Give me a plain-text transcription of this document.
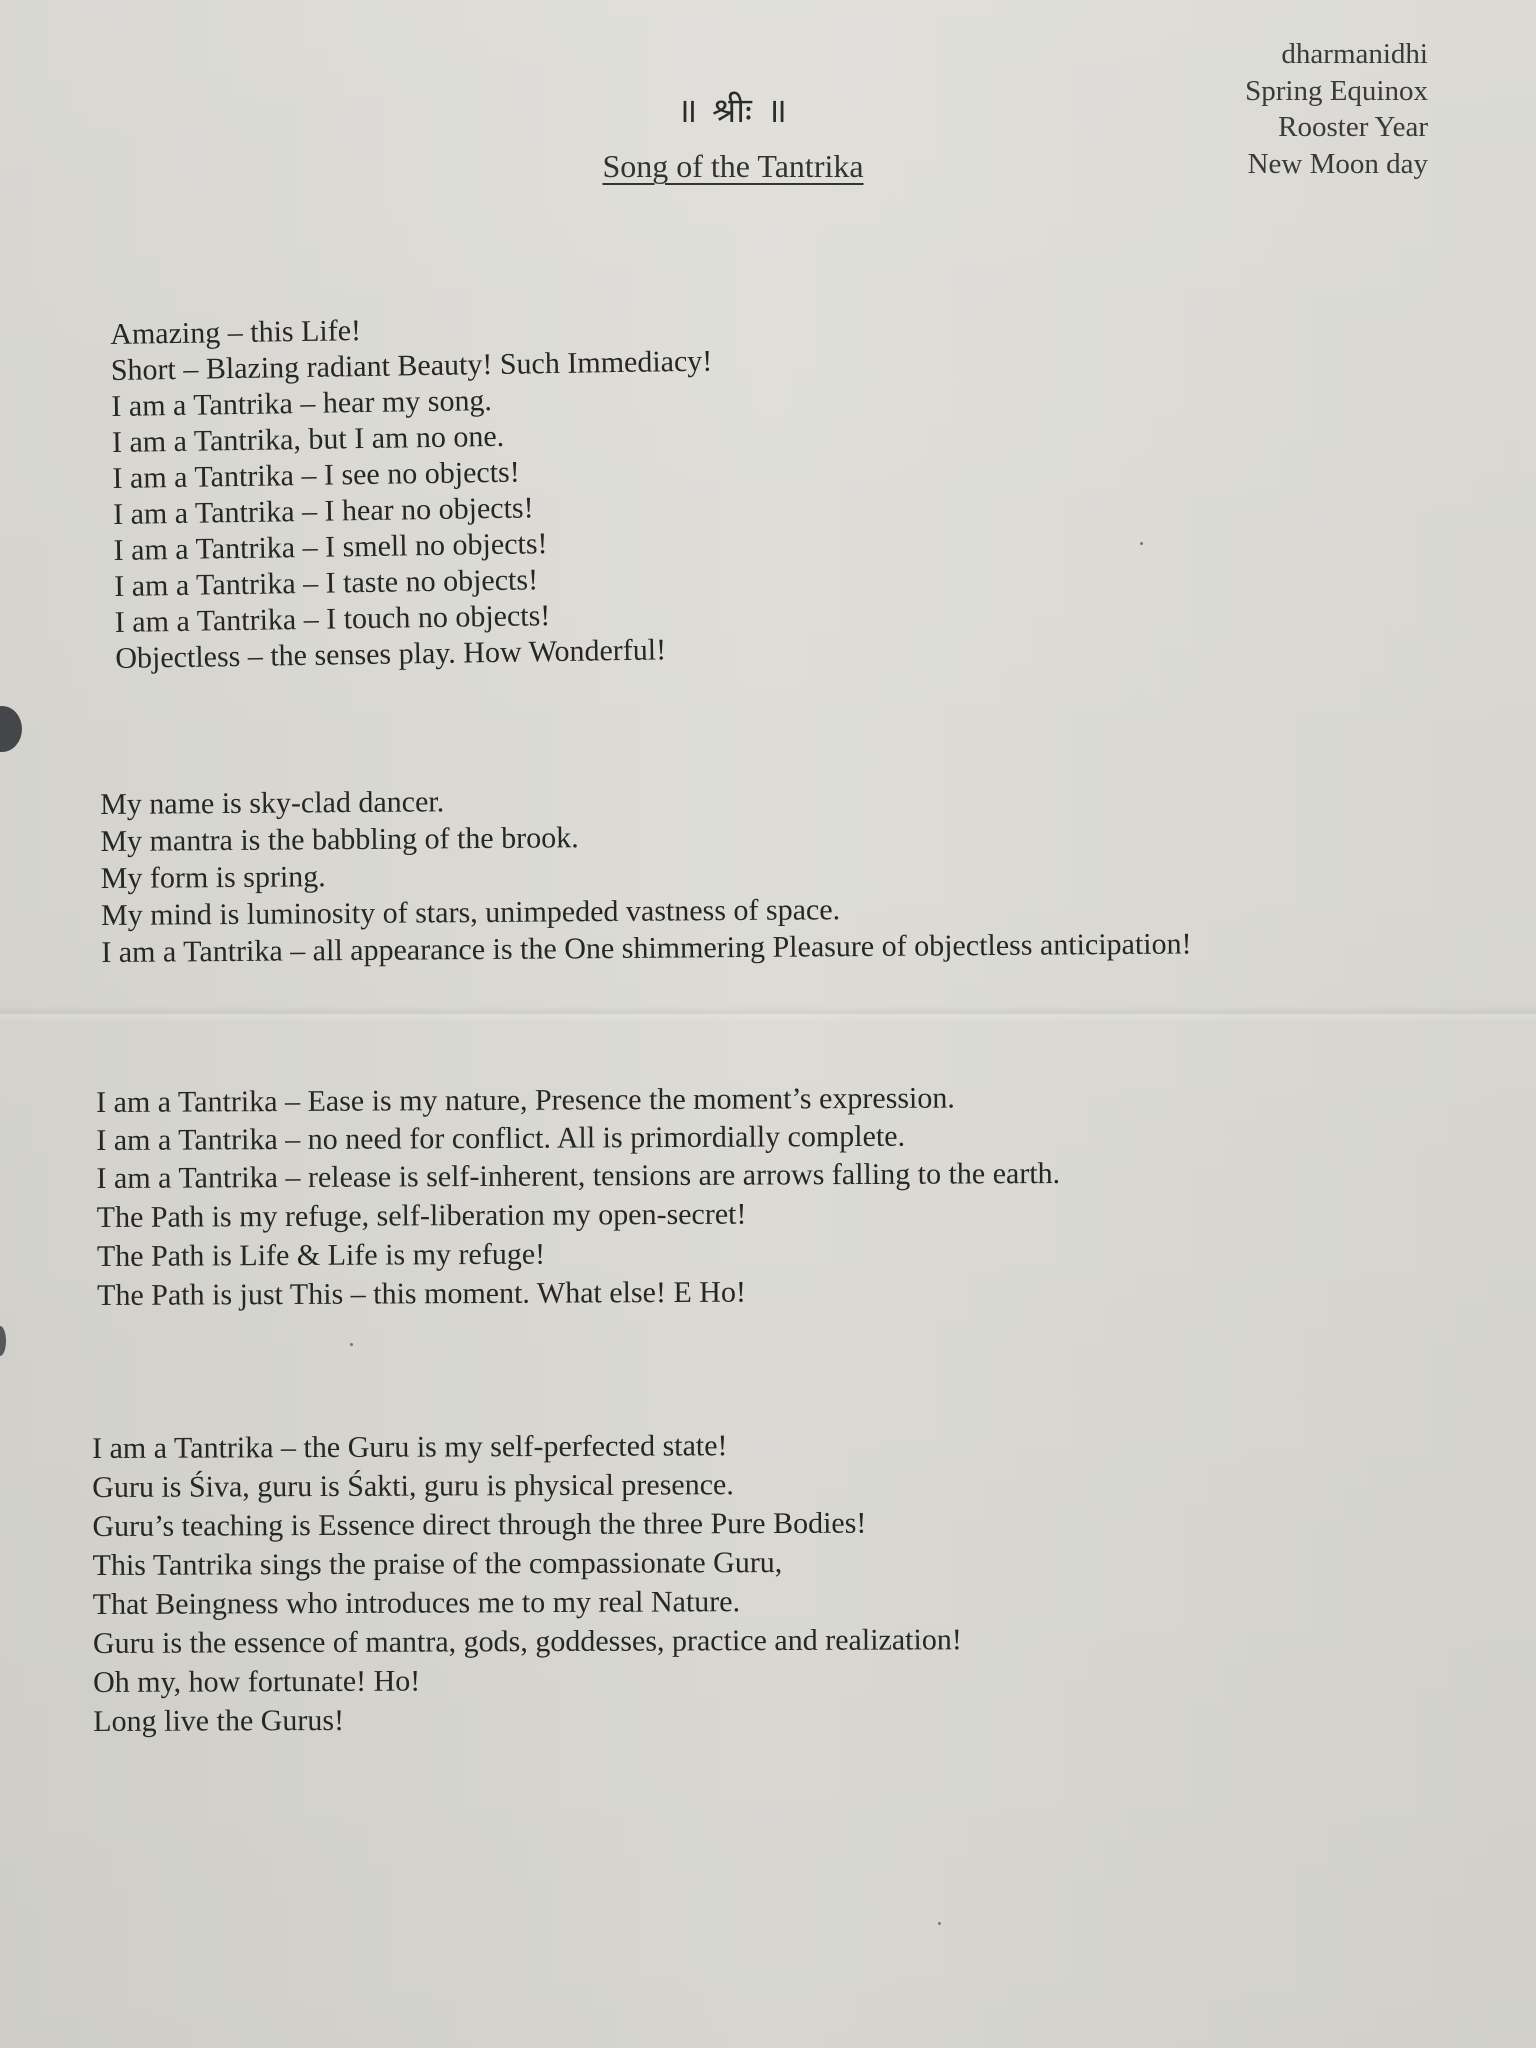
॥ श्रीः ॥
Song of the Tantrika
dharmanidhi
Spring Equinox
Rooster Year
New Moon day
Amazing – this Life!
Short – Blazing radiant Beauty! Such Immediacy!
I am a Tantrika – hear my song.
I am a Tantrika, but I am no one.
I am a Tantrika – I see no objects!
I am a Tantrika – I hear no objects!
I am a Tantrika – I smell no objects!
I am a Tantrika – I taste no objects!
I am a Tantrika – I touch no objects!
Objectless – the senses play. How Wonderful!
My name is sky-clad dancer.
My mantra is the babbling of the brook.
My form is spring.
My mind is luminosity of stars, unimpeded vastness of space.
I am a Tantrika – all appearance is the One shimmering Pleasure of objectless anticipation!
I am a Tantrika – Ease is my nature, Presence the moment’s expression.
I am a Tantrika – no need for conflict. All is primordially complete.
I am a Tantrika – release is self-inherent, tensions are arrows falling to the earth.
The Path is my refuge, self-liberation my open-secret!
The Path is Life & Life is my refuge!
The Path is just This – this moment. What else! E Ho!
I am a Tantrika – the Guru is my self-perfected state!
Guru is Śiva, guru is Śakti, guru is physical presence.
Guru’s teaching is Essence direct through the three Pure Bodies!
This Tantrika sings the praise of the compassionate Guru,
That Beingness who introduces me to my real Nature.
Guru is the essence of mantra, gods, goddesses, practice and realization!
Oh my, how fortunate! Ho!
Long live the Gurus!
